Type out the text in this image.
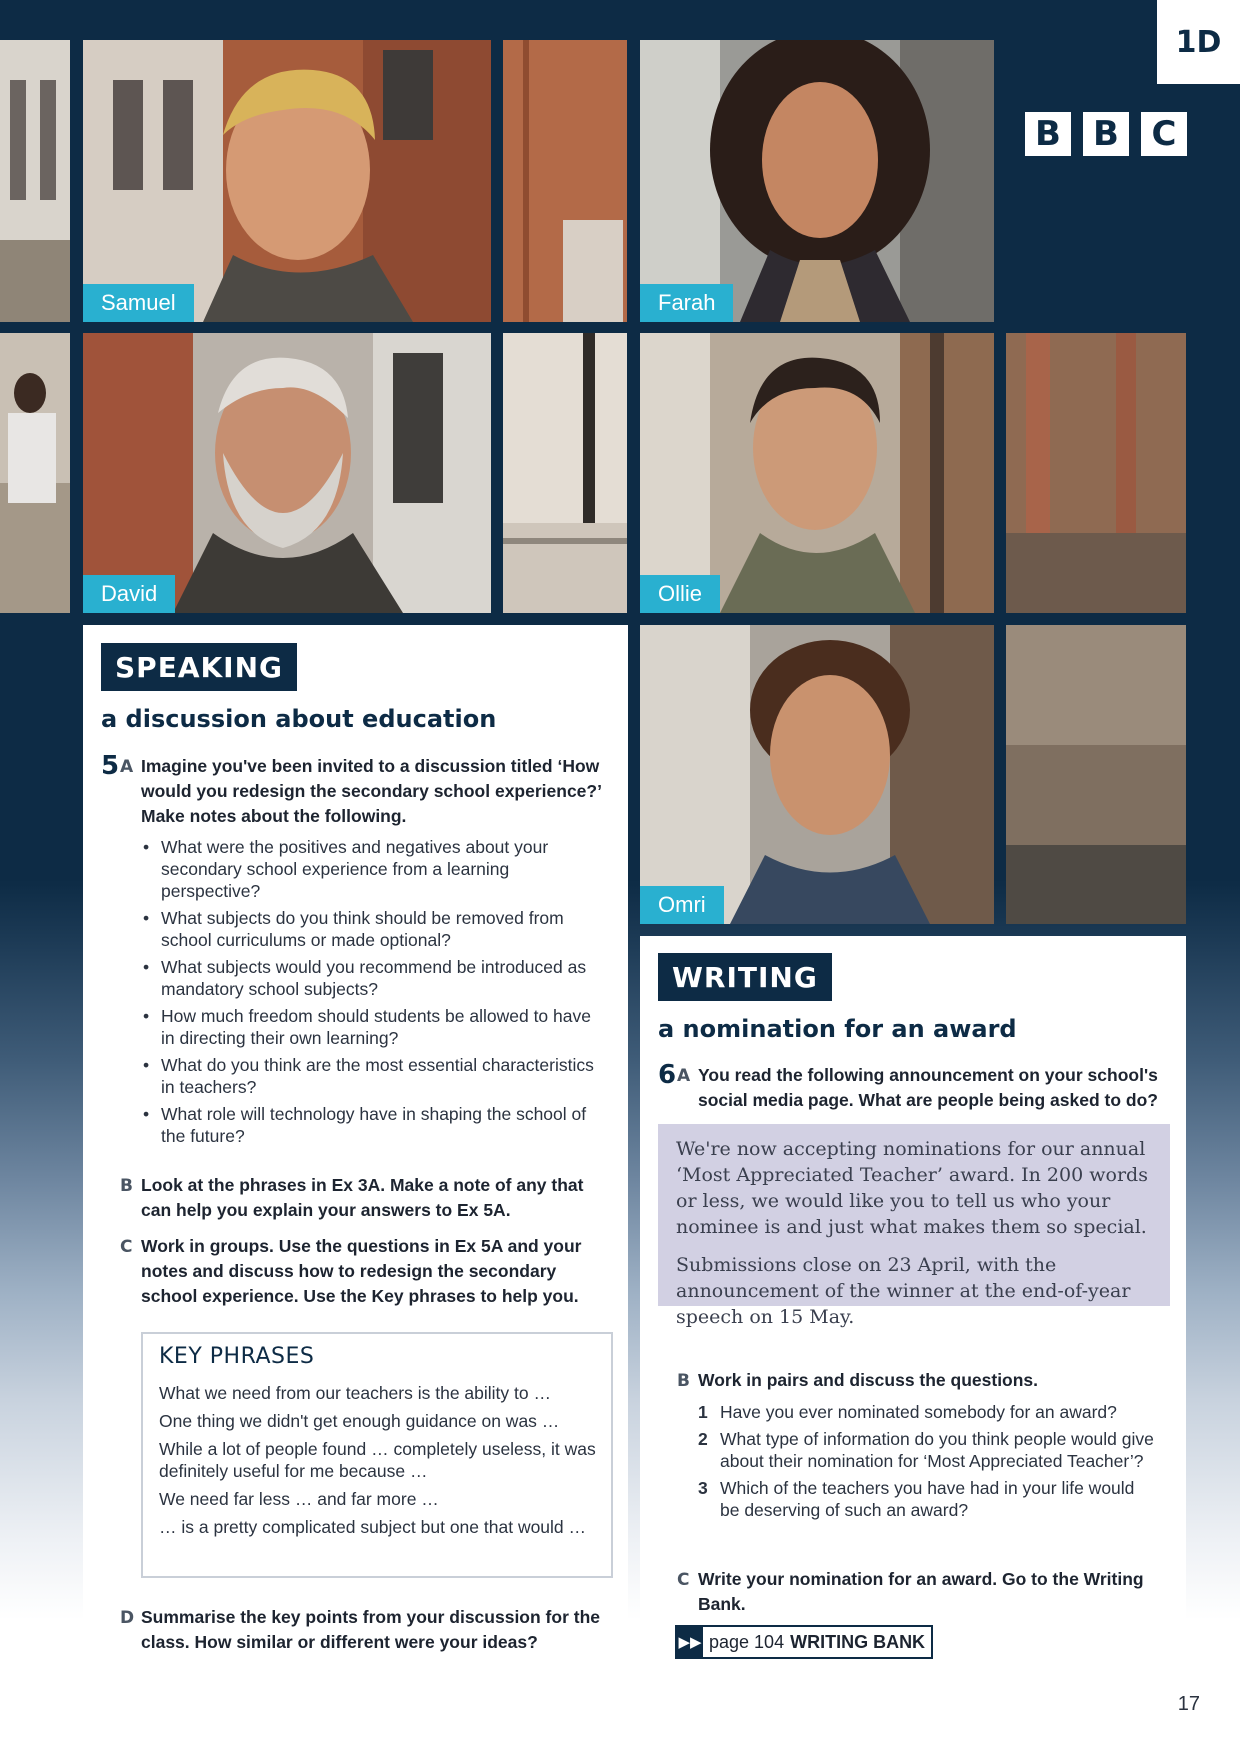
1D
B B C
Samuel	Farah
David	Ollie
Omri
SPEAKING
a discussion about education
5 A Imagine you've been invited to a discussion titled ‘How would you redesign the secondary school experience?’ Make notes about the following.
• What were the positives and negatives about your secondary school experience from a learning perspective?
• What subjects do you think should be removed from school curriculums or made optional?
• What subjects would you recommend be introduced as mandatory school subjects?
• How much freedom should students be allowed to have in directing their own learning?
• What do you think are the most essential characteristics in teachers?
• What role will technology have in shaping the school of the future?
B Look at the phrases in Ex 3A. Make a note of any that can help you explain your answers to Ex 5A.
C Work in groups. Use the questions in Ex 5A and your notes and discuss how to redesign the secondary school experience. Use the Key phrases to help you.
KEY PHRASES
What we need from our teachers is the ability to …
One thing we didn't get enough guidance on was …
While a lot of people found … completely useless, it was definitely useful for me because …
We need far less … and far more …
… is a pretty complicated subject but one that would …
D Summarise the key points from your discussion for the class. How similar or different were your ideas?
WRITING
a nomination for an award
6 A You read the following announcement on your school's social media page. What are people being asked to do?

We're now accepting nominations for our annual ‘Most Appreciated Teacher’ award. In 200 words or less, we would like you to tell us who your nominee is and just what makes them so special.

Submissions close on 23 April, with the announcement of the winner at the end-of-year speech on 15 May.

B Work in pairs and discuss the questions.
1 Have you ever nominated somebody for an award?
2 What type of information do you think people would give about their nomination for ‘Most Appreciated Teacher’?
3 Which of the teachers you have had in your life would be deserving of such an award?
C Write your nomination for an award. Go to the Writing Bank.
▶▶ page 104 WRITING BANK
17
